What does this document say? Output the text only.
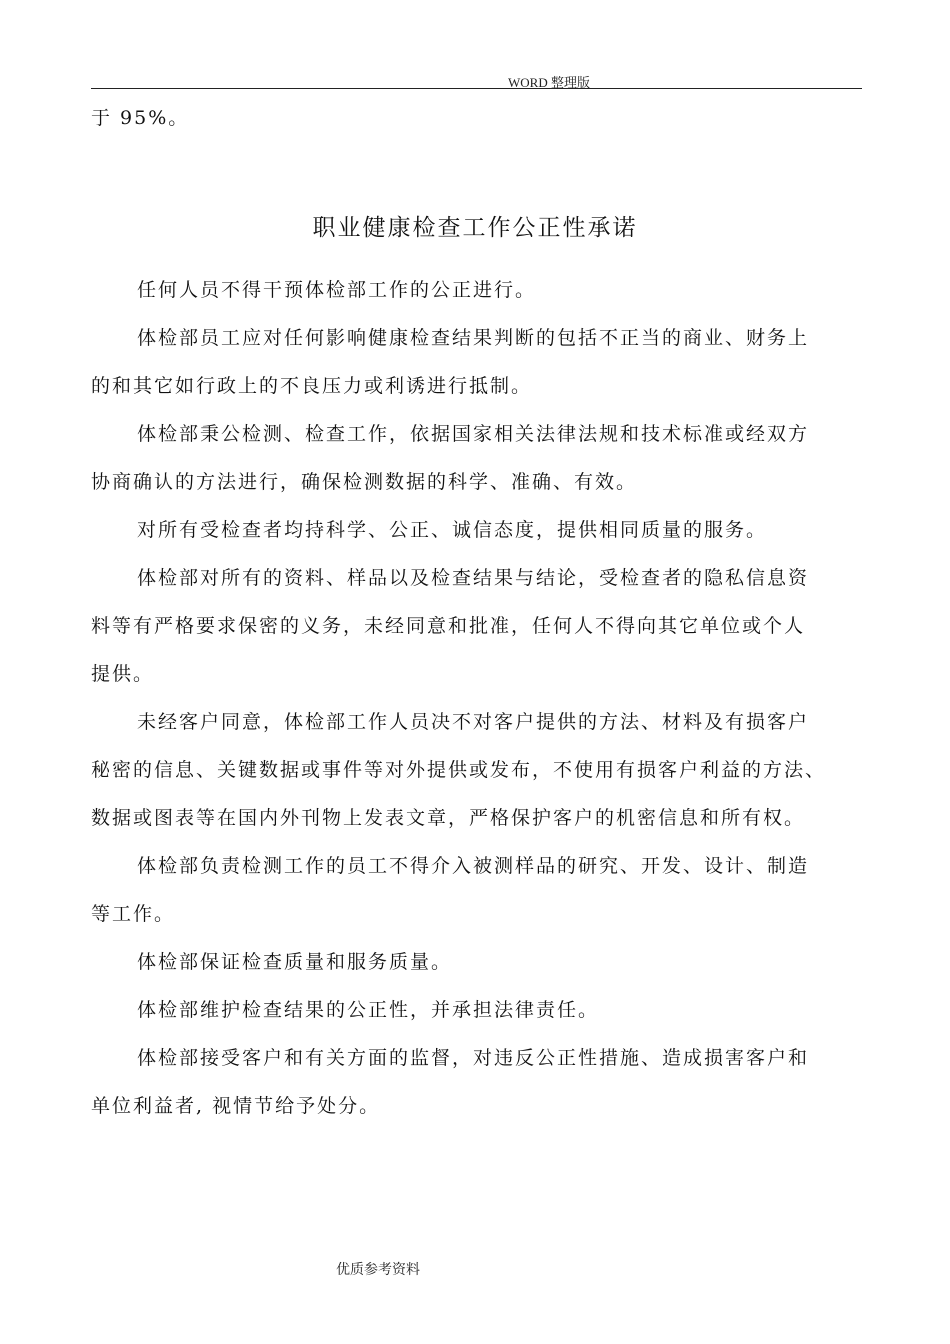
WORD 整理版
于 95%。
职业健康检查工作公正性承诺
任何人员不得干预体检部工作的公正进行。
体检部员工应对任何影响健康检查结果判断的包括不正当的商业、财务上
的和其它如行政上的不良压力或利诱进行抵制。
体检部秉公检测、检查工作，依据国家相关法律法规和技术标准或经双方
协商确认的方法进行，确保检测数据的科学、准确、有效。
对所有受检查者均持科学、公正、诚信态度，提供相同质量的服务。
体检部对所有的资料、样品以及检查结果与结论，受检查者的隐私信息资
料等有严格要求保密的义务，未经同意和批准，任何人不得向其它单位或个人
提供。
未经客户同意，体检部工作人员决不对客户提供的方法、材料及有损客户
秘密的信息、关键数据或事件等对外提供或发布，不使用有损客户利益的方法、
数据或图表等在国内外刊物上发表文章，严格保护客户的机密信息和所有权。
体检部负责检测工作的员工不得介入被测样品的研究、开发、设计、制造
等工作。
体检部保证检查质量和服务质量。
体检部维护检查结果的公正性，并承担法律责任。
体检部接受客户和有关方面的监督，对违反公正性措施、造成损害客户和
单位利益者, 视情节给予处分。
优质参考资料
